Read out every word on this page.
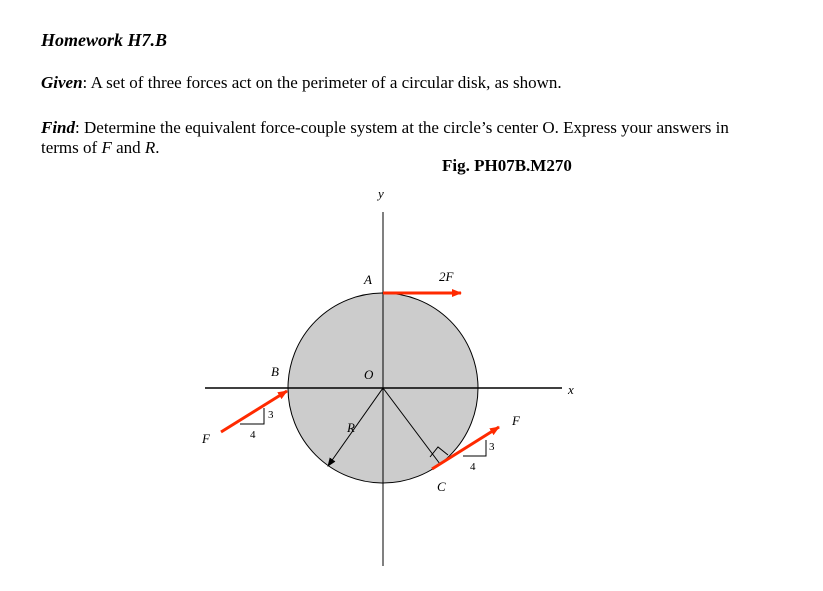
Homework H7.B

Given: A set of three forces act on the perimeter of a circular disk, as shown.

Find: Determine the equivalent force-couple system at the circle’s center O. Express your answers in terms of F and R.

Fig. PH07B.M270

x
y
A
B	O
C
R
2F
F
3
4
F
3
4
